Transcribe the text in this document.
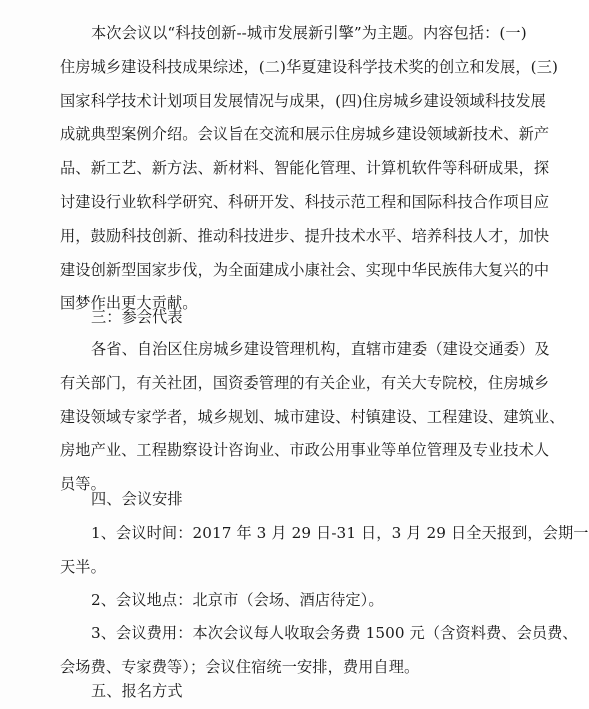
本次会议以“科技创新--城市发展新引擎”为主题。内容包括：(一)
住房城乡建设科技成果综述，(二)华夏建设科学技术奖的创立和发展，(三)
国家科学技术计划项目发展情况与成果，(四)住房城乡建设领域科技发展
成就典型案例介绍。会议旨在交流和展示住房城乡建设领域新技术、新产
品、新工艺、新方法、新材料、智能化管理、计算机软件等科研成果，探
讨建设行业软科学研究、科研开发、科技示范工程和国际科技合作项目应
用，鼓励科技创新、推动科技进步、提升技术水平、培养科技人才，加快
建设创新型国家步伐，为全面建成小康社会、实现中华民族伟大复兴的中
国梦作出更大贡献。
三：参会代表
各省、自治区住房城乡建设管理机构，直辖市建委（建设交通委）及
有关部门，有关社团，国资委管理的有关企业，有关大专院校，住房城乡
建设领域专家学者，城乡规划、城市建设、村镇建设、工程建设、建筑业、
房地产业、工程勘察设计咨询业、市政公用事业等单位管理及专业技术人
员等。
四、会议安排
1、会议时间：2017 年 3 月 29 日-31 日，3 月 29 日全天报到，会期一
天半。
2、会议地点：北京市（会场、酒店待定）。
3、会议费用：本次会议每人收取会务费 1500 元（含资料费、会员费、
会场费、专家费等）；会议住宿统一安排，费用自理。
五、报名方式
